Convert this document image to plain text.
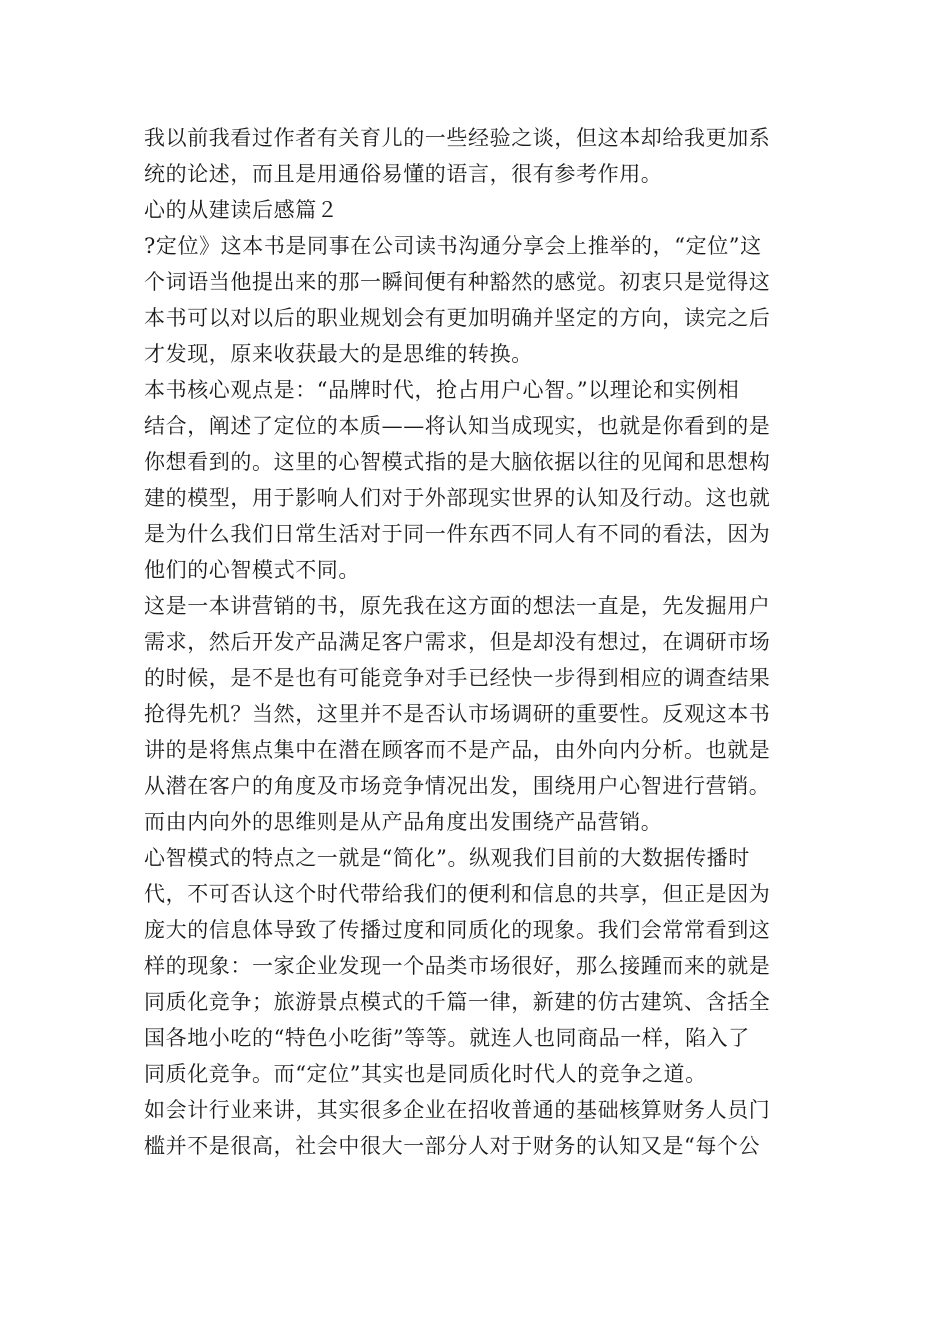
我以前我看过作者有关育儿的一些经验之谈，但这本却给我更加系
统的论述，而且是用通俗易懂的语言，很有参考作用。
心的从建读后感篇２
?定位》这本书是同事在公司读书沟通分享会上推举的，“定位”这
个词语当他提出来的那一瞬间便有种豁然的感觉。初衷只是觉得这
本书可以对以后的职业规划会有更加明确并坚定的方向，读完之后
才发现，原来收获最大的是思维的转换。
本书核心观点是：“品牌时代，抢占用户心智。”以理论和实例相
结合，阐述了定位的本质——将认知当成现实，也就是你看到的是
你想看到的。这里的心智模式指的是大脑依据以往的见闻和思想构
建的模型，用于影响人们对于外部现实世界的认知及行动。这也就
是为什么我们日常生活对于同一件东西不同人有不同的看法，因为
他们的心智模式不同。
这是一本讲营销的书，原先我在这方面的想法一直是，先发掘用户
需求，然后开发产品满足客户需求，但是却没有想过，在调研市场
的时候，是不是也有可能竞争对手已经快一步得到相应的调查结果
抢得先机？当然，这里并不是否认市场调研的重要性。反观这本书
讲的是将焦点集中在潜在顾客而不是产品，由外向内分析。也就是
从潜在客户的角度及市场竞争情况出发，围绕用户心智进行营销。
而由内向外的思维则是从产品角度出发围绕产品营销。
心智模式的特点之一就是“简化”。纵观我们目前的大数据传播时
代，不可否认这个时代带给我们的便利和信息的共享，但正是因为
庞大的信息体导致了传播过度和同质化的现象。我们会常常看到这
样的现象：一家企业发现一个品类市场很好，那么接踵而来的就是
同质化竞争；旅游景点模式的千篇一律，新建的仿古建筑、含括全
国各地小吃的“特色小吃街”等等。就连人也同商品一样，陷入了
同质化竞争。而“定位”其实也是同质化时代人的竞争之道。
如会计行业来讲，其实很多企业在招收普通的基础核算财务人员门
槛并不是很高，社会中很大一部分人对于财务的认知又是“每个公
